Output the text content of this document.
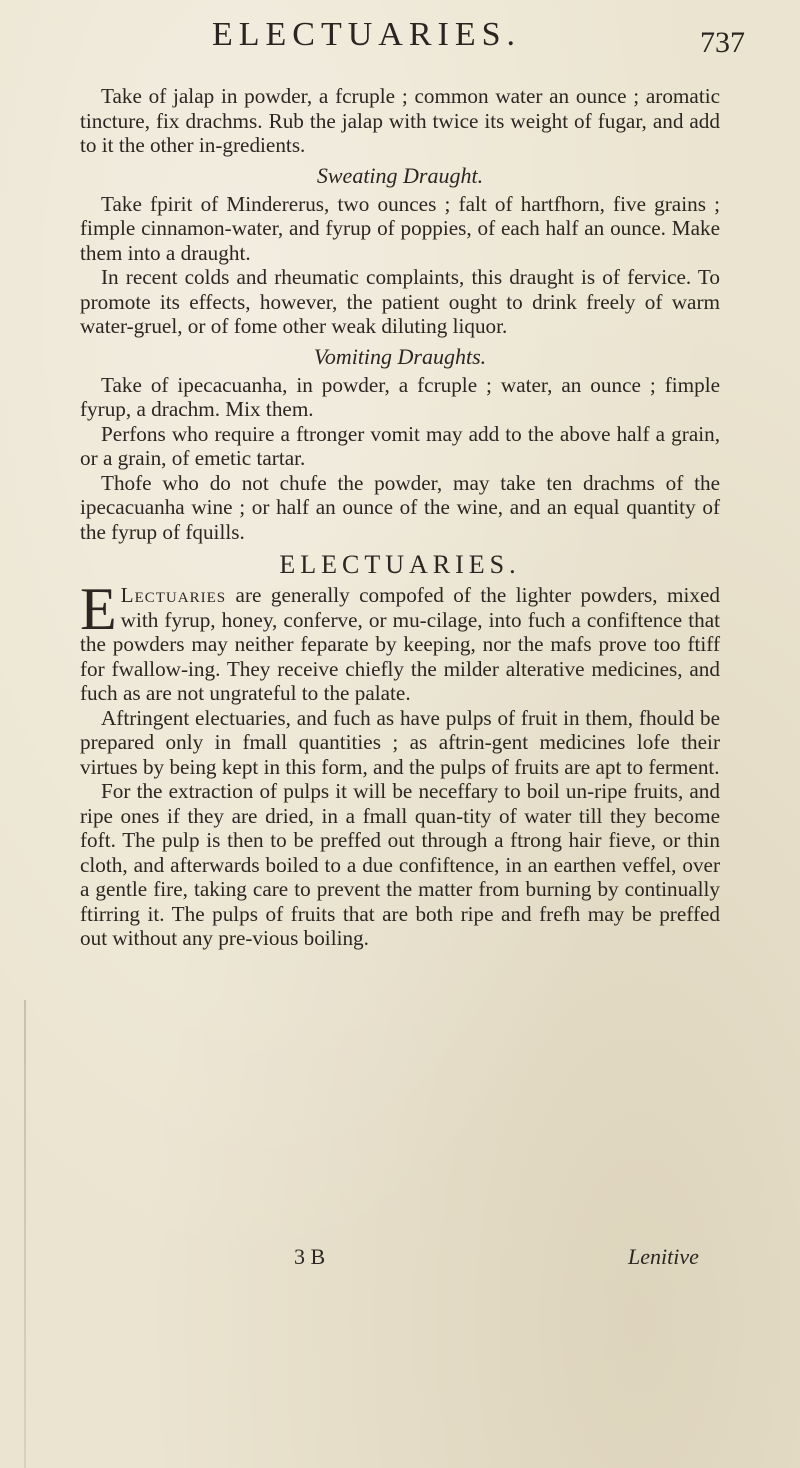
ELECTUARIES.	737

Take of jalap in powder, a fcruple ; common water an ounce ; aromatic tincture, fix drachms. Rub the jalap with twice its weight of fugar, and add to it the other in-gredients.

Sweating Draught.

Take fpirit of Mindererus, two ounces ; falt of hartfhorn, five grains ; fimple cinnamon-water, and fyrup of poppies, of each half an ounce. Make them into a draught.

In recent colds and rheumatic complaints, this draught is of fervice. To promote its effects, however, the patient ought to drink freely of warm water-gruel, or of fome other weak diluting liquor.

Vomiting Draughts.

Take of ipecacuanha, in powder, a fcruple ; water, an ounce ; fimple fyrup, a drachm. Mix them.

Perfons who require a ftronger vomit may add to the above half a grain, or a grain, of emetic tartar.

Thofe who do not chufe the powder, may take ten drachms of the ipecacuanha wine ; or half an ounce of the wine, and an equal quantity of the fyrup of fquills.

ELECTUARIES.

E Lectuaries are generally compofed of the lighter powders, mixed with fyrup, honey, conferve, or mu-cilage, into fuch a confiftence that the powders may neither feparate by keeping, nor the mafs prove too ftiff for fwallow-ing. They receive chiefly the milder alterative medicines, and fuch as are not ungrateful to the palate.

Aftringent electuaries, and fuch as have pulps of fruit in them, fhould be prepared only in fmall quantities ; as aftrin-gent medicines lofe their virtues by being kept in this form, and the pulps of fruits are apt to ferment.

For the extraction of pulps it will be neceffary to boil un-ripe fruits, and ripe ones if they are dried, in a fmall quan-tity of water till they become foft. The pulp is then to be preffed out through a ftrong hair fieve, or thin cloth, and afterwards boiled to a due confiftence, in an earthen veffel, over a gentle fire, taking care to prevent the matter from burning by continually ftirring it. The pulps of fruits that are both ripe and frefh may be preffed out without any pre-vious boiling.

3 B	Lenitive
